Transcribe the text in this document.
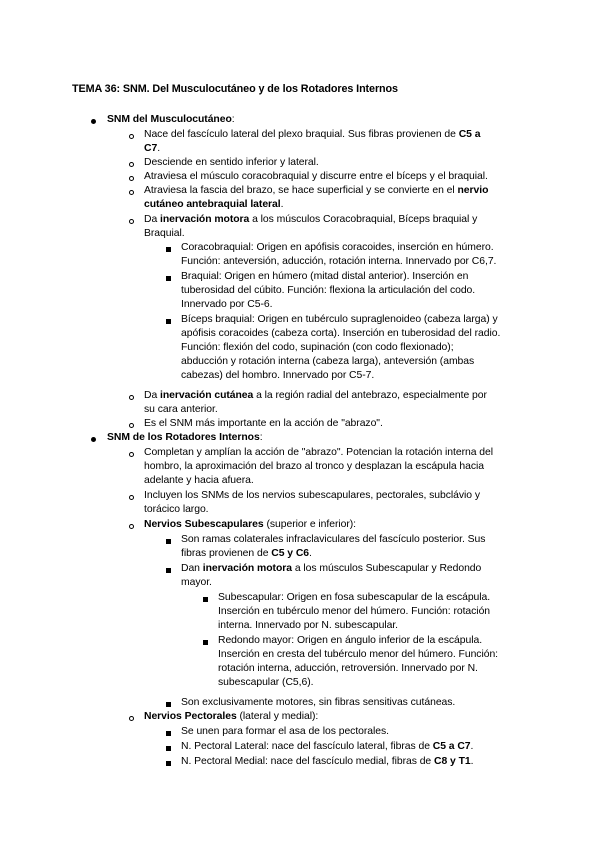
TEMA 36: SNM. Del Musculocutáneo y de los Rotadores Internos
SNM del Musculocutáneo:
Nace del fascículo lateral del plexo braquial. Sus fibras provienen de C5 a
C7.
Desciende en sentido inferior y lateral.
Atraviesa el músculo coracobraquial y discurre entre el bíceps y el braquial.
Atraviesa la fascia del brazo, se hace superficial y se convierte en el nervio
cutáneo antebraquial lateral.
Da inervación motora a los músculos Coracobraquial, Bíceps braquial y
Braquial.
Coracobraquial: Origen en apófisis coracoides, inserción en húmero.
Función: anteversión, aducción, rotación interna. Innervado por C6,7.
Braquial: Origen en húmero (mitad distal anterior). Inserción en
tuberosidad del cúbito. Función: flexiona la articulación del codo.
Innervado por C5-6.
Bíceps braquial: Origen en tubérculo supraglenoideo (cabeza larga) y
apófisis coracoides (cabeza corta). Inserción en tuberosidad del radio.
Función: flexión del codo, supinación (con codo flexionado);
abducción y rotación interna (cabeza larga), anteversión (ambas
cabezas) del hombro. Innervado por C5-7.
Da inervación cutánea a la región radial del antebrazo, especialmente por
su cara anterior.
Es el SNM más importante en la acción de "abrazo".
SNM de los Rotadores Internos:
Completan y amplían la acción de "abrazo". Potencian la rotación interna del
hombro, la aproximación del brazo al tronco y desplazan la escápula hacia
adelante y hacia afuera.
Incluyen los SNMs de los nervios subescapulares, pectorales, subclávio y
torácico largo.
Nervios Subescapulares (superior e inferior):
Son ramas colaterales infraclaviculares del fascículo posterior. Sus
fibras provienen de C5 y C6.
Dan inervación motora a los músculos Subescapular y Redondo
mayor.
Subescapular: Origen en fosa subescapular de la escápula.
Inserción en tubérculo menor del húmero. Función: rotación
interna. Innervado por N. subescapular.
Redondo mayor: Origen en ángulo inferior de la escápula.
Inserción en cresta del tubérculo menor del húmero. Función:
rotación interna, aducción, retroversión. Innervado por N.
subescapular (C5,6).
Son exclusivamente motores, sin fibras sensitivas cutáneas.
Nervios Pectorales (lateral y medial):
Se unen para formar el asa de los pectorales.
N. Pectoral Lateral: nace del fascículo lateral, fibras de C5 a C7.
N. Pectoral Medial: nace del fascículo medial, fibras de C8 y T1.
